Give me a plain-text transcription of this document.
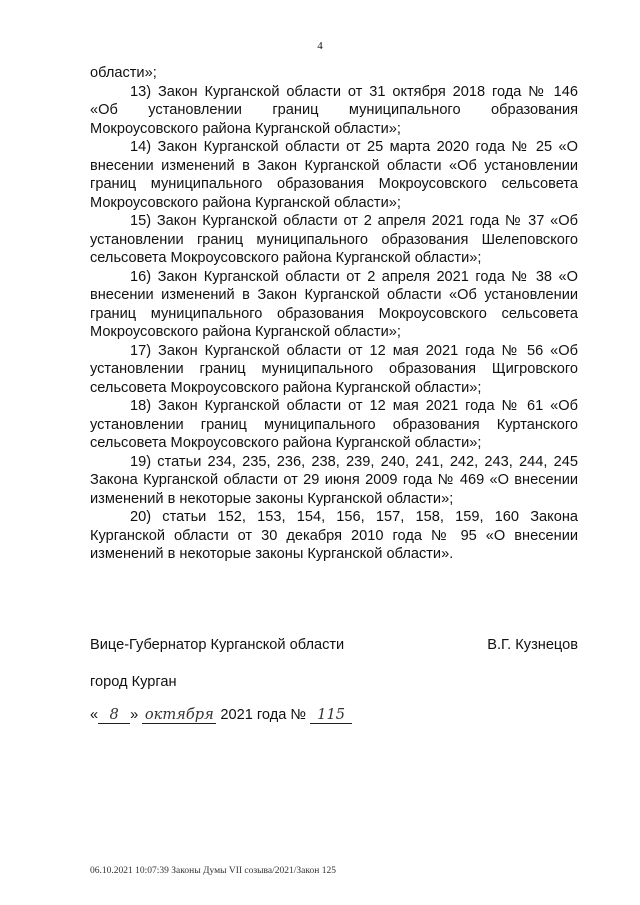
4

области»;

13) Закон Курганской области от 31 октября 2018 года № 146 «Об установлении границ муниципального образования Мокроусовского района Курганской области»;

14) Закон Курганской области от 25 марта 2020 года № 25 «О внесении изменений в Закон Курганской области «Об установлении границ муниципального образования Мокроусовского сельсовета Мокроусовского района Курганской области»;

15) Закон Курганской области от 2 апреля 2021 года № 37 «Об установлении границ муниципального образования Шелеповского сельсовета Мокроусовского района Курганской области»;

16) Закон Курганской области от 2 апреля 2021 года № 38 «О внесении изменений в Закон Курганской области «Об установлении границ муниципального образования Мокроусовского сельсовета Мокроусовского района Курганской области»;

17) Закон Курганской области от 12 мая 2021 года № 56 «Об установлении границ муниципального образования Щигровского сельсовета Мокроусовского района Курганской области»;

18) Закон Курганской области от 12 мая 2021 года № 61 «Об установлении границ муниципального образования Куртанского сельсовета Мокроусовского района Курганской области»;

19) статьи 234, 235, 236, 238, 239, 240, 241, 242, 243, 244, 245 Закона Курганской области от 29 июня 2009 года № 469 «О внесении изменений в некоторые законы Курганской области»;

20) статьи 152, 153, 154, 156, 157, 158, 159, 160 Закона Курганской области от 30 декабря 2010 года № 95 «О внесении изменений в некоторые законы Курганской области».

Вице-Губернатор Курганской области	В.Г. Кузнецов
город Курган
« 8 » октября 2021 года № 115
06.10.2021 10:07:39 Законы Думы VII созыва/2021/Закон 125
